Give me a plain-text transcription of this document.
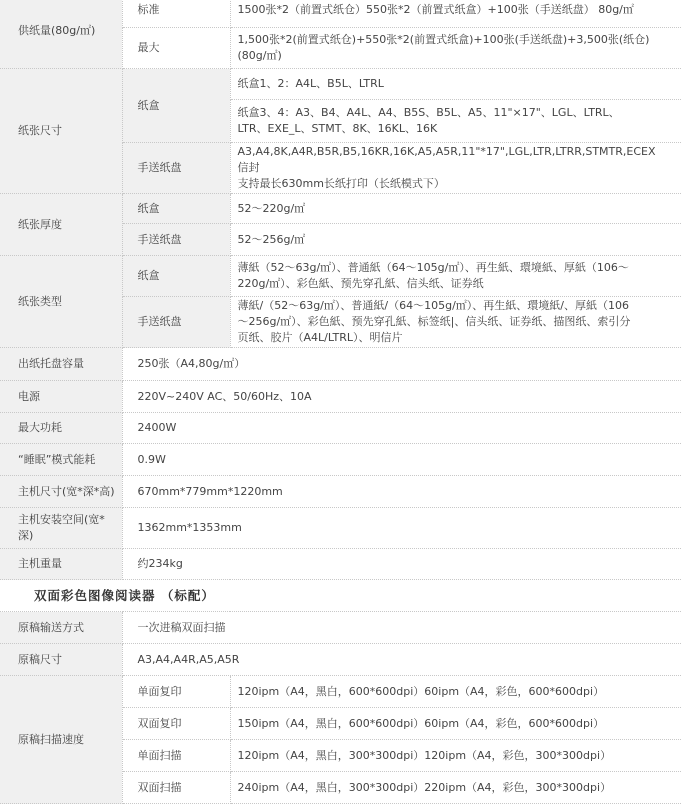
供纸量(80g/㎡)	标准	1500张*2（前置式纸仓）550张*2（前置式纸盒）+100张（手送纸盘） 80g/㎡
	最大	1,500张*2(前置式纸仓)+550张*2(前置式纸盒)+100张(手送纸盘)+3,500张(纸仓)
(80g/㎡)

纸张尺寸	纸盒	纸盒1、2：A4L、B5L、LTRL

		纸盒3、4：A3、B4、A4L、A4、B5S、B5L、A5、11"×17"、LGL、LTRL、
LTR、EXE_L、STMT、8K、16KL、16K

	手送纸盘	A3,A4,8K,A4R,B5R,B5,16KR,16K,A5,A5R,11"*17",LGL,LTR,LTRR,STMTR,ECEX
信封
支持最长630mm长纸打印（长纸模式下）

纸张厚度	纸盒	52～220g/㎡
	手送纸盘	52～256g/㎡
纸张类型	纸盒	薄紙（52～63g/㎡）、普通紙（64～105g/㎡）、再生紙、環境紙、厚紙（106～
220g/㎡）、彩色紙、预先穿孔紙、信头纸、证券纸

	手送纸盘	薄紙/（52～63g/㎡）、普通紙/（64～105g/㎡）、再生紙、環境紙/、厚紙（106
～256g/㎡）、彩色紙、预先穿孔紙、标签纸|、信头纸、证券纸、描图纸、索引分
页纸、胶片（A4L/LTRL）、明信片

出纸托盘容量	250张（A4,80g/㎡）	
电源	220V~240V AC、50/60Hz、10A	
最大功耗	2400W	
“睡眠”模式能耗	0.9W	
主机尺寸(宽*深*高)	670mm*779mm*1220mm	

主机安装空间(宽*
深)	1362mm*1353mm	
主机重量	约234kg	
双面彩色图像阅读器 （标配）		
原稿输送方式	一次进稿双面扫描	
原稿尺寸	A3,A4,A4R,A5,A5R	
原稿扫描速度	单面复印	120ipm（A4，黑白，600*600dpi）60ipm（A4，彩色，600*600dpi）
	双面复印	150ipm（A4，黑白，600*600dpi）60ipm（A4，彩色，600*600dpi）
	单面扫描	120ipm（A4，黑白，300*300dpi）120ipm（A4，彩色，300*300dpi）
	双面扫描	240ipm（A4，黑白，300*300dpi）220ipm（A4，彩色，300*300dpi）
